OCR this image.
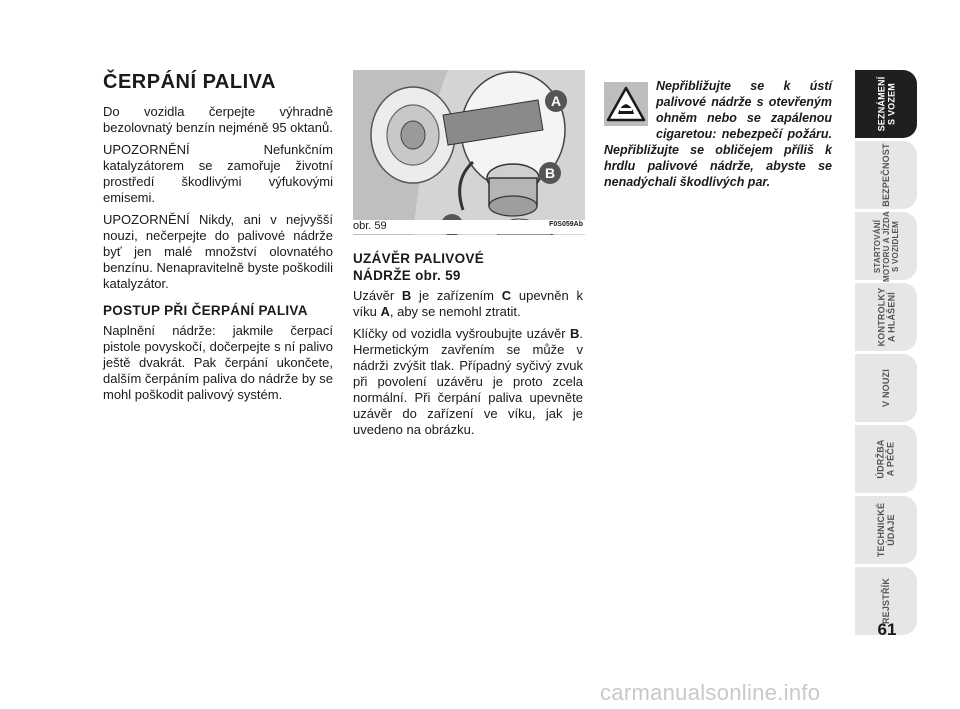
ČERPÁNÍ PALIVA

Do vozidla čerpejte výhradně bezolovnatý benzín nejméně 95 oktanů.

UPOZORNĚNÍ Nefunkčním katalyzátorem se zamořuje životní prostředí škodlivými výfukovými emisemi.

UPOZORNĚNÍ Nikdy, ani v nejvyšší nouzi, nečerpejte do palivové nádrže byť jen malé množství olovnatého benzínu. Nenapravitelně byste poškodili katalyzátor.

POSTUP PŘI ČERPÁNÍ PALIVA

Naplnění nádrže: jakmile čerpací pistole povyskočí, dočerpejte s ní palivo ještě dvakrát. Pak čerpání ukončete, dalším čerpáním paliva do nádrže by se mohl poškodit palivový systém.

A
B
obr. 59	F0S059Ab
UZÁVĚR PALIVOVÉ NÁDRŽE obr. 59

Uzávěr B je zařízením C upevněn k víku A, aby se nemohl ztratit.

Klíčky od vozidla vyšroubujte uzávěr B. Hermetickým zavřením se může v nádrži zvýšit tlak. Případný syčivý zvuk při povolení uzávěru je proto zcela normální. Při čerpání paliva upevněte uzávěr do zařízení ve víku, jak je uvedeno na obrázku.

Nepřibližujte se k ústí palivové nádrže s otevřeným ohněm nebo se zapálenou cigaretou: nebezpečí požáru. Nepřibližujte se obličejem příliš k hrdlu palivové nádrže, abyste se nenadýchali škodlivých par.
SEZNÁMENÍ
S VOZEM
BEZPEČNOST
STARTOVÁNÍ
MOTORU A JÍZDA
S VOZIDLEM
KONTROLKY
A HLÁŠENÍ
V NOUZI
ÚDRŽBA
A PÉČE
TECHNICKÉ
ÚDAJE
REJSTŘÍK
61
carmanualsonline.info
